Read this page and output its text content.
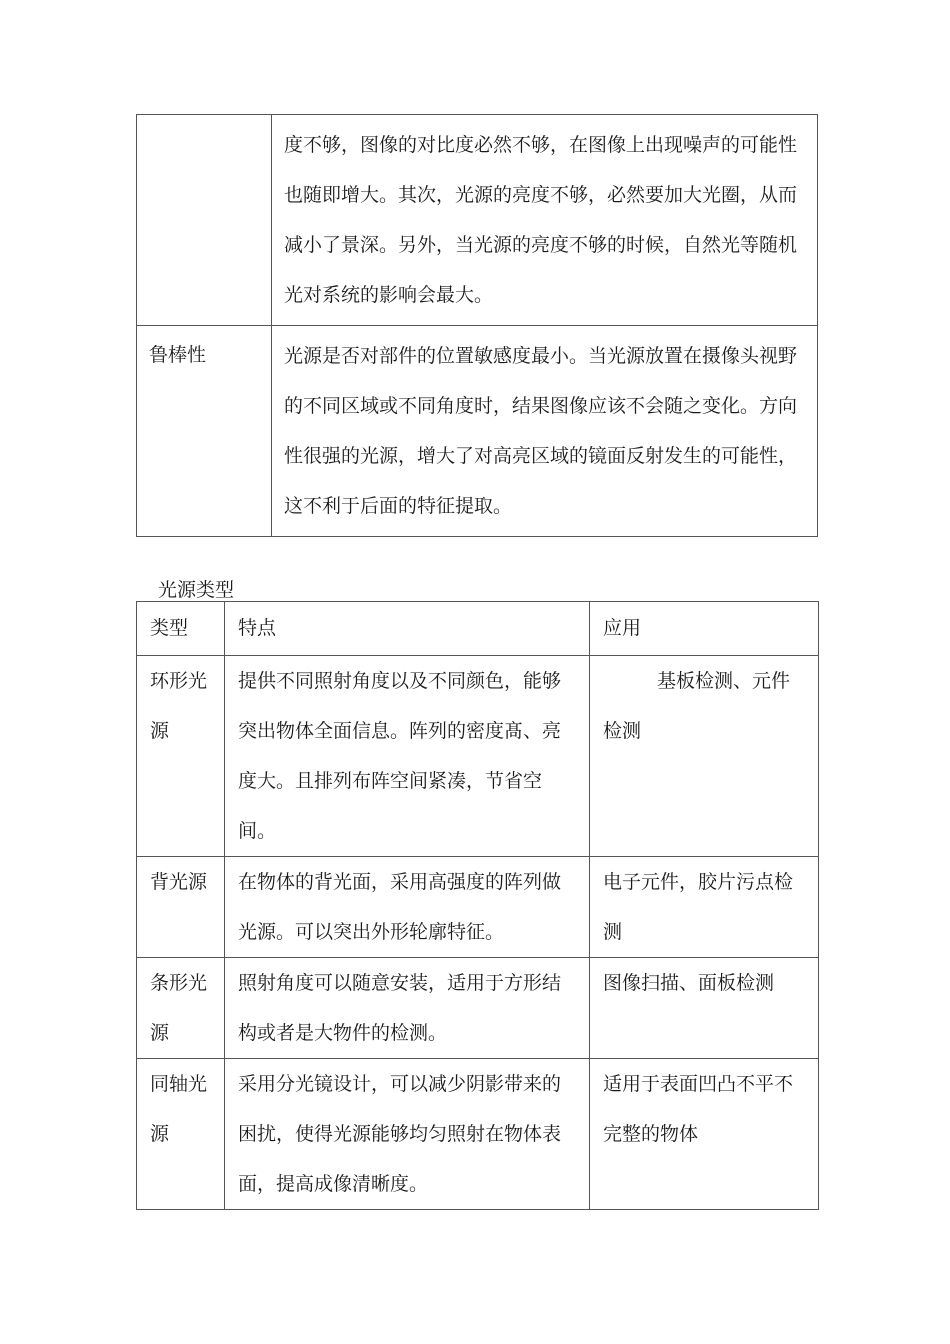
	度不够，图像的对比度必然不够，在图像上出现噪声的可能性也随即增大。其次，光源的亮度不够，必然要加大光圈，从而减小了景深。另外，当光源的亮度不够的时候，自然光等随机光对系统的影响会最大。
鲁棒性	光源是否对部件的位置敏感度最小。当光源放置在摄像头视野的不同区域或不同角度时，结果图像应该不会随之变化。方向性很强的光源，增大了对高亮区域的镜面反射发生的可能性，这不利于后面的特征提取。
光源类型
类型	特点	应用
环形光源	提供不同照射角度以及不同颜色，能够突出物体全面信息。阵列的密度髙、亮度大。且排列布阵空间紧凑，节省空间。	基板检测、元件检测
背光源	在物体的背光面，采用高强度的阵列做光源。可以突出外形轮廓特征。	电子元件，胶片污点检测
条形光源	照射角度可以随意安装，适用于方形结构或者是大物件的检测。	图像扫描、面板检测
同轴光源	采用分光镜设计，可以减少阴影带来的困扰，使得光源能够均匀照射在物体表面，提高成像清晰度。	适用于表面凹凸不平不完整的物体
